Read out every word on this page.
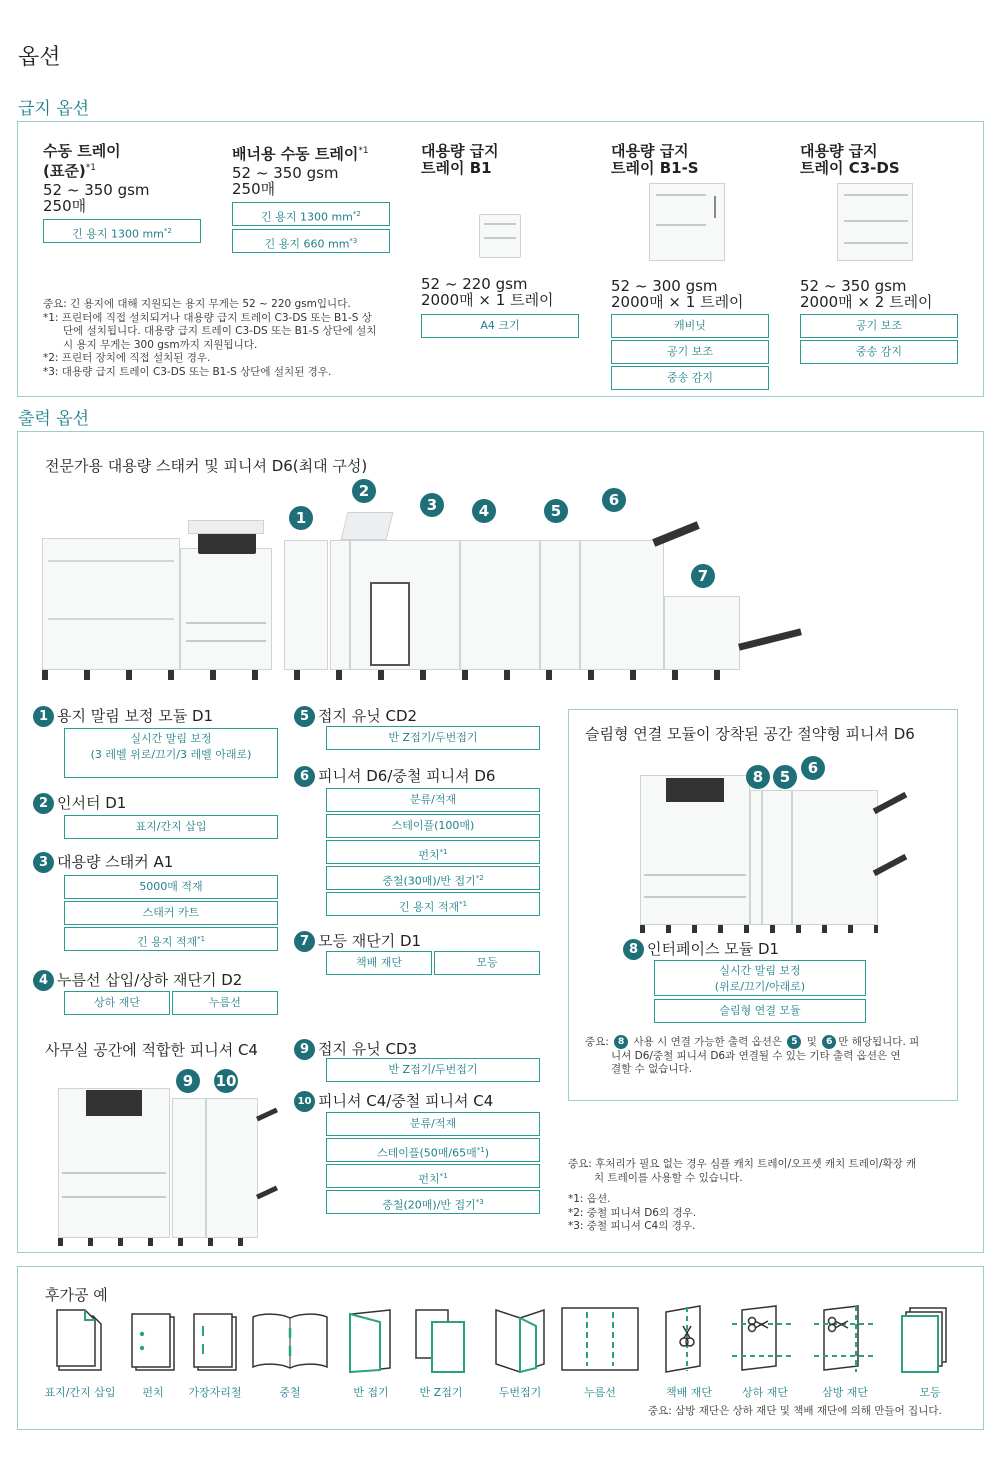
옵션
급지 옵션
수동 트레이
(표준)$^{*1}$
52 ~ 350 gsm
250매
긴 용지 1300 $mm^{*2}$
배너용 수동 트레이$^{*1}$
52 ~ 350 gsm
250매
긴 용지 1300 $mm^{*2}$
긴 용지 660 $mm^{*3}$
중요: 긴 용지에 대해 지원되는 용지 무게는 52 ~ 220 gsm입니다.
*1: 프린터에 직접 설치되거나 대용량 급지 트레이 C3-DS 또는 B1-S 상
단에 설치됩니다. 대용량 급지 트레이 C3-DS 또는 B1-S 상단에 설치
시 용지 무게는 300 gsm까지 지원됩니다.
*2: 프린터 장치에 직접 설치된 경우.
*3: 대용량 급지 트레이 C3-DS 또는 B1-S 상단에 설치된 경우.
대용량 급지
트레이 B1
52 ~ 220 gsm
2000매 × 1 트레이
A4 크기
대용량 급지
트레이 B1-S
52 ~ 300 gsm
2000매 × 1 트레이
캐비닛
공기 보조
중송 감지
대용량 급지
트레이 C3-DS
52 ~ 350 gsm
2000매 × 2 트레이
공기 보조
중송 감지
출력 옵션
전문가용 대용량 스태커 및 피니셔 D6(최대 구성)
1
2
3	4	5
6
7
1 용지 말림 보정 모듈 D1
실시간 말림 보정
(3 레벨 위로/끄기/3 레벨 아래로)
2 인서터 D1
표지/간지 삽입
3 대용량 스태커 A1
5000매 적재
스태커 카트
긴 용지 적재$^{*1}$
4 누름선 삽입/상하 재단기 D2
상하 재단	누름선
5 접지 유닛 CD2
반 Z접기/두번접기
6 피니셔 D6/중철 피니셔 D6
분류/적재
스테이플(100매)
펀치$^{*1}$
중철(30매)/반 접기$^{*2}$
긴 용지 적재$^{*1}$
7 모등 재단기 D1
책배 재단	모등
사무실 공간에 적합한 피니셔 C4
9	10
9 접지 유닛 CD3
반 Z접기/두번접기
10 피니셔 C4/중철 피니셔 C4
분류/적재
스테이플(50매/65매$^{*1}$)
펀치$^{*1}$
중철(20매)/반 접기$^{*3}$
슬림형 연결 모듈이 장착된 공간 절약형 피니셔 D6
8	5	6
8 인터페이스 모듈 D1
실시간 말림 보정
(위로/끄기/아래로)
슬림형 연결 모듈
중요: 8 사용 시 연결 가능한 출력 옵션은 5 및 6 만 해당됩니다. 피
니셔 D6/중철 피니셔 D6과 연결될 수 있는 기타 출력 옵션은 연
결할 수 없습니다.
중요: 후처리가 필요 없는 경우 심플 캐치 트레이/오프셋 캐치 트레이/확장 캐
치 트레이를 사용할 수 있습니다.
*1: 옵션.
*2: 중철 피니셔 D6의 경우.
*3: 중철 피니셔 C4의 경우.
후가공 예
표지/간지 삽입	펀치	가장자리철	중철	반 접기	반 Z접기	두번접기	누름선	책배 재단	상하 재단	삼방 재단	모등
중요: 삼방 재단은 상하 재단 및 책배 재단에 의해 만들어 집니다.
